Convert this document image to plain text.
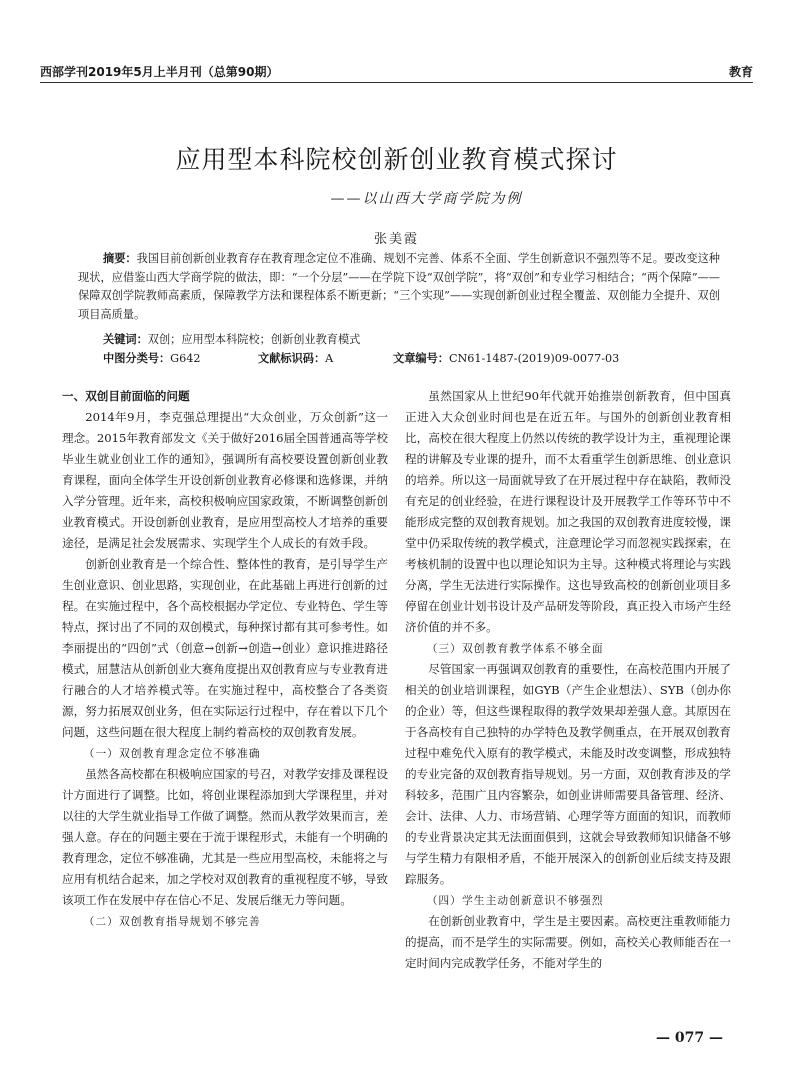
西部学刊2019年5月上半月刊（总第90期）	教育
应用型本科院校创新创业教育模式探讨
——以山西大学商学院为例
张美霞
摘要：我国目前创新创业教育存在教育理念定位不准确、规划不完善、体系不全面、学生创新意识不强烈等不足。要改变这种现状，应借鉴山西大学商学院的做法，即：“一个分层”——在学院下设“双创学院”，将“双创”和专业学习相结合；“两个保障”——保障双创学院教师高素质，保障教学方法和课程体系不断更新；“三个实现”——实现创新创业过程全覆盖、双创能力全提升、双创项目高质量。
关键词：双创；应用型本科院校；创新创业教育模式
中图分类号：G642	文献标识码：A	文章编号：CN61-1487-(2019)09-0077-03
一、双创目前面临的问题

2014年9月，李克强总理提出“大众创业，万众创新”这一理念。2015年教育部发文《关于做好2016届全国普通高等学校毕业生就业创业工作的通知》，强调所有高校要设置创新创业教育课程，面向全体学生开设创新创业教育必修课和选修课，并纳入学分管理。近年来，高校积极响应国家政策，不断调整创新创业教育模式。开设创新创业教育，是应用型高校人才培养的重要途径，是满足社会发展需求、实现学生个人成长的有效手段。

创新创业教育是一个综合性、整体性的教育，是引导学生产生创业意识、创业思路，实现创业，在此基础上再进行创新的过程。在实施过程中，各个高校根据办学定位、专业特色、学生等特点，探讨出了不同的双创模式，每种探讨都有其可参考性。如李丽提出的“四创”式（创意→创新→创造→创业）意识推进路径模式，屈慧洁从创新创业大赛角度提出双创教育应与专业教育进行融合的人才培养模式等。在实施过程中，高校整合了各类资源，努力拓展双创业务，但在实际运行过程中，存在着以下几个问题，这些问题在很大程度上制约着高校的双创教育发展。

（一）双创教育理念定位不够准确

虽然各高校都在积极响应国家的号召，对教学安排及课程设计方面进行了调整。比如，将创业课程添加到大学课程里，并对以往的大学生就业指导工作做了调整。然而从教学效果而言，差强人意。存在的问题主要在于流于课程形式，未能有一个明确的教育理念，定位不够准确，尤其是一些应用型高校，未能将之与应用有机结合起来，加之学校对双创教育的重视程度不够，导致该项工作在发展中存在信心不足、发展后继无力等问题。

（二）双创教育指导规划不够完善

虽然国家从上世纪90年代就开始推崇创新教育，但中国真正进入大众创业时间也是在近五年。与国外的创新创业教育相比，高校在很大程度上仍然以传统的教学设计为主，重视理论课程的讲解及专业课的提升，而不太看重学生创新思维、创业意识的培养。所以这一局面就导致了在开展过程中存在缺陷，教师没有充足的创业经验，在进行课程设计及开展教学工作等环节中不能形成完整的双创教育规划。加之我国的双创教育进度较慢，课堂中仍采取传统的教学模式，注意理论学习而忽视实践探索，在考核机制的设置中也以理论知识为主导。这种模式将理论与实践分离，学生无法进行实际操作。这也导致高校的创新创业项目多停留在创业计划书设计及产品研发等阶段，真正投入市场产生经济价值的并不多。

（三）双创教育教学体系不够全面

尽管国家一再强调双创教育的重要性，在高校范围内开展了相关的创业培训课程，如GYB（产生企业想法）、SYB（创办你的企业）等，但这些课程取得的教学效果却差强人意。其原因在于各高校有自己独特的办学特色及教学侧重点，在开展双创教育过程中难免代入原有的教学模式，未能及时改变调整，形成独特的专业完备的双创教育指导规划。另一方面，双创教育涉及的学科较多，范围广且内容繁杂，如创业讲师需要具备管理、经济、会计、法律、人力、市场营销、心理学等方面面的知识，而教师的专业背景决定其无法面面俱到，这就会导致教师知识储备不够与学生精力有限相矛盾，不能开展深入的创新创业后续支持及跟踪服务。

（四）学生主动创新意识不够强烈

在创新创业教育中，学生是主要因素。高校更注重教师能力的提高，而不是学生的实际需要。例如，高校关心教师能否在一定时间内完成教学任务，不能对学生的

— 077 —
